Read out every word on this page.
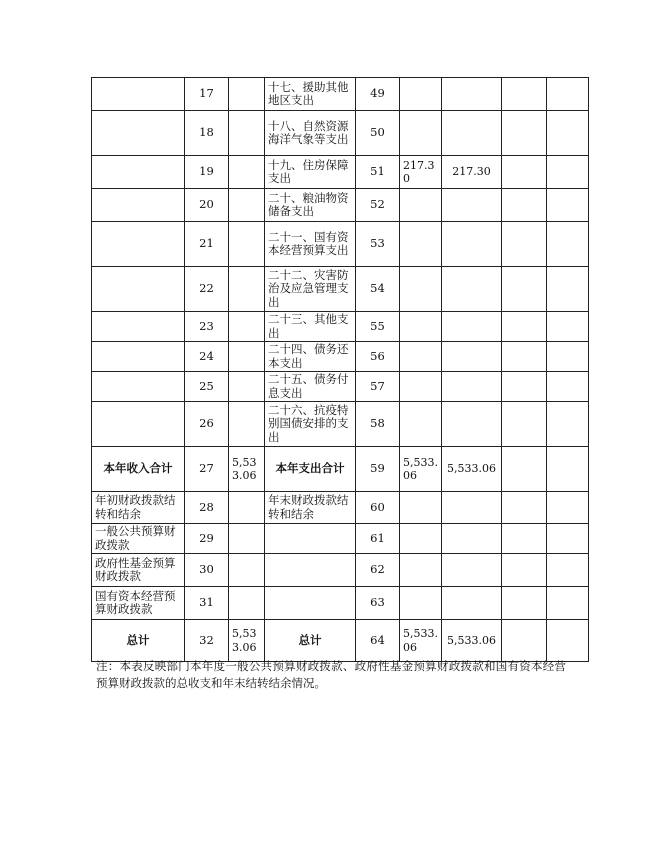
	17		十七、援助其他地区支出	49				
	18		十八、自然资源海洋气象等支出	50				
	19		十九、住房保障支出	51	217.30	217.30		
	20		二十、粮油物资储备支出	52				
	21		二十一、国有资本经营预算支出	53				
	22		二十二、灾害防治及应急管理支出	54				
	23		二十三、其他支出	55				
	24		二十四、债务还本支出	56				
	25		二十五、债务付息支出	57				
	26		二十六、抗疫特别国债安排的支出	58				
本年收入合计	27	5,533.06	本年支出合计	59	5,533.06	5,533.06		
年初财政拨款结转和结余	28		年末财政拨款结转和结余	60				
一般公共预算财政拨款	29			61				
政府性基金预算财政拨款	30			62				
国有资本经营预算财政拨款	31			63				
总计	32	5,533.06	总计	64	5,533.06	5,533.06		
注：本表反映部门本年度一般公共预算财政拨款、政府性基金预算财政拨款和国有资本经营预算财政拨款的总收支和年末结转结余情况。
